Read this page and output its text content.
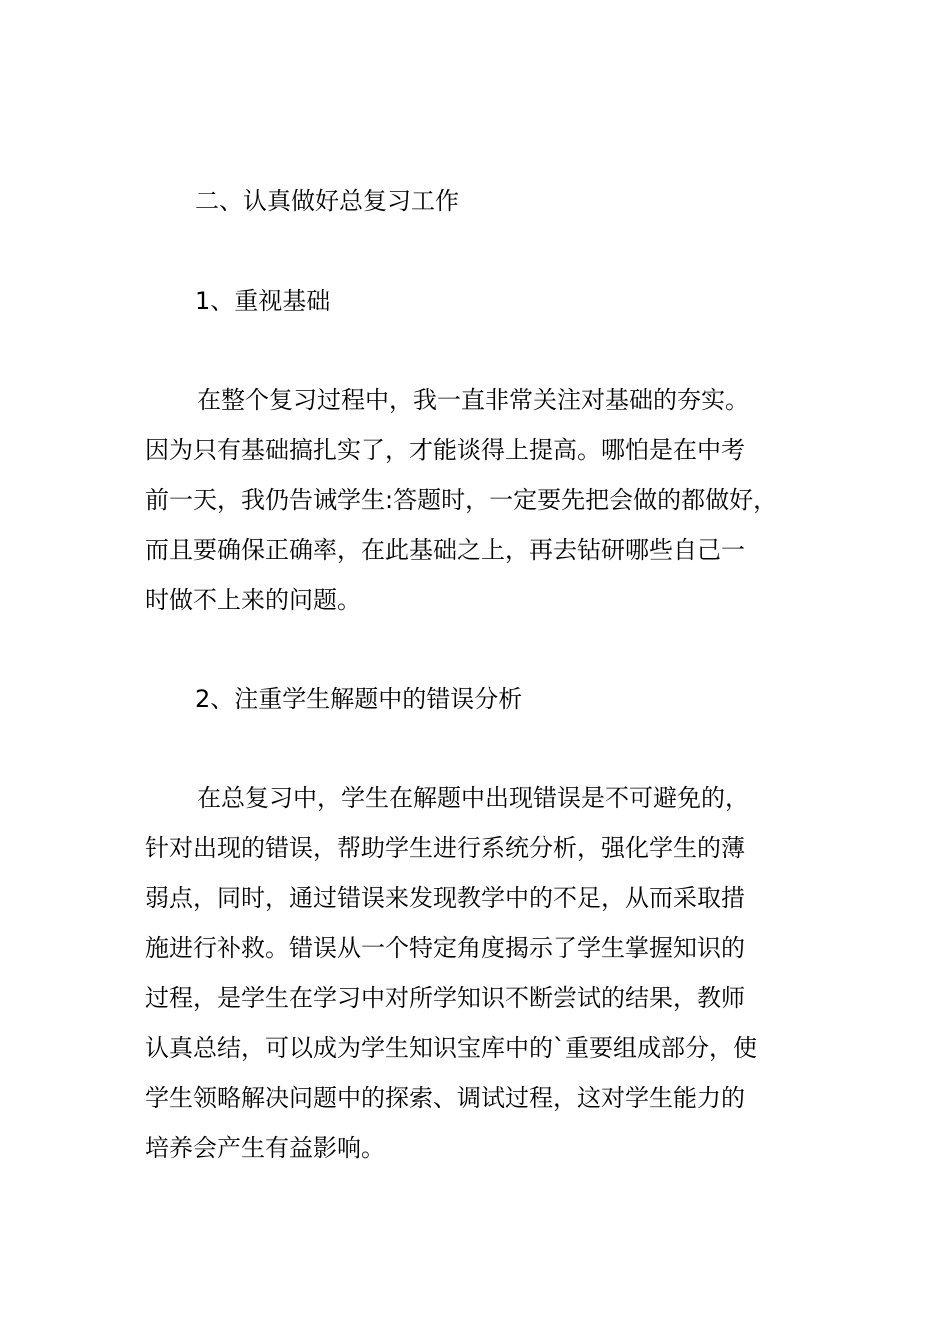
二、认真做好总复习工作
1、重视基础
在整个复习过程中，我一直非常关注对基础的夯实。
因为只有基础搞扎实了，才能谈得上提高。哪怕是在中考
前一天，我仍告诫学生:答题时，一定要先把会做的都做好，
而且要确保正确率，在此基础之上，再去钻研哪些自己一
时做不上来的问题。
2、注重学生解题中的错误分析
在总复习中，学生在解题中出现错误是不可避免的，
针对出现的错误，帮助学生进行系统分析，强化学生的薄
弱点，同时，通过错误来发现教学中的不足，从而采取措
施进行补救。错误从一个特定角度揭示了学生掌握知识的
过程，是学生在学习中对所学知识不断尝试的结果，教师
认真总结，可以成为学生知识宝库中的`重要组成部分，使
学生领略解决问题中的探索、调试过程，这对学生能力的
培养会产生有益影响。
